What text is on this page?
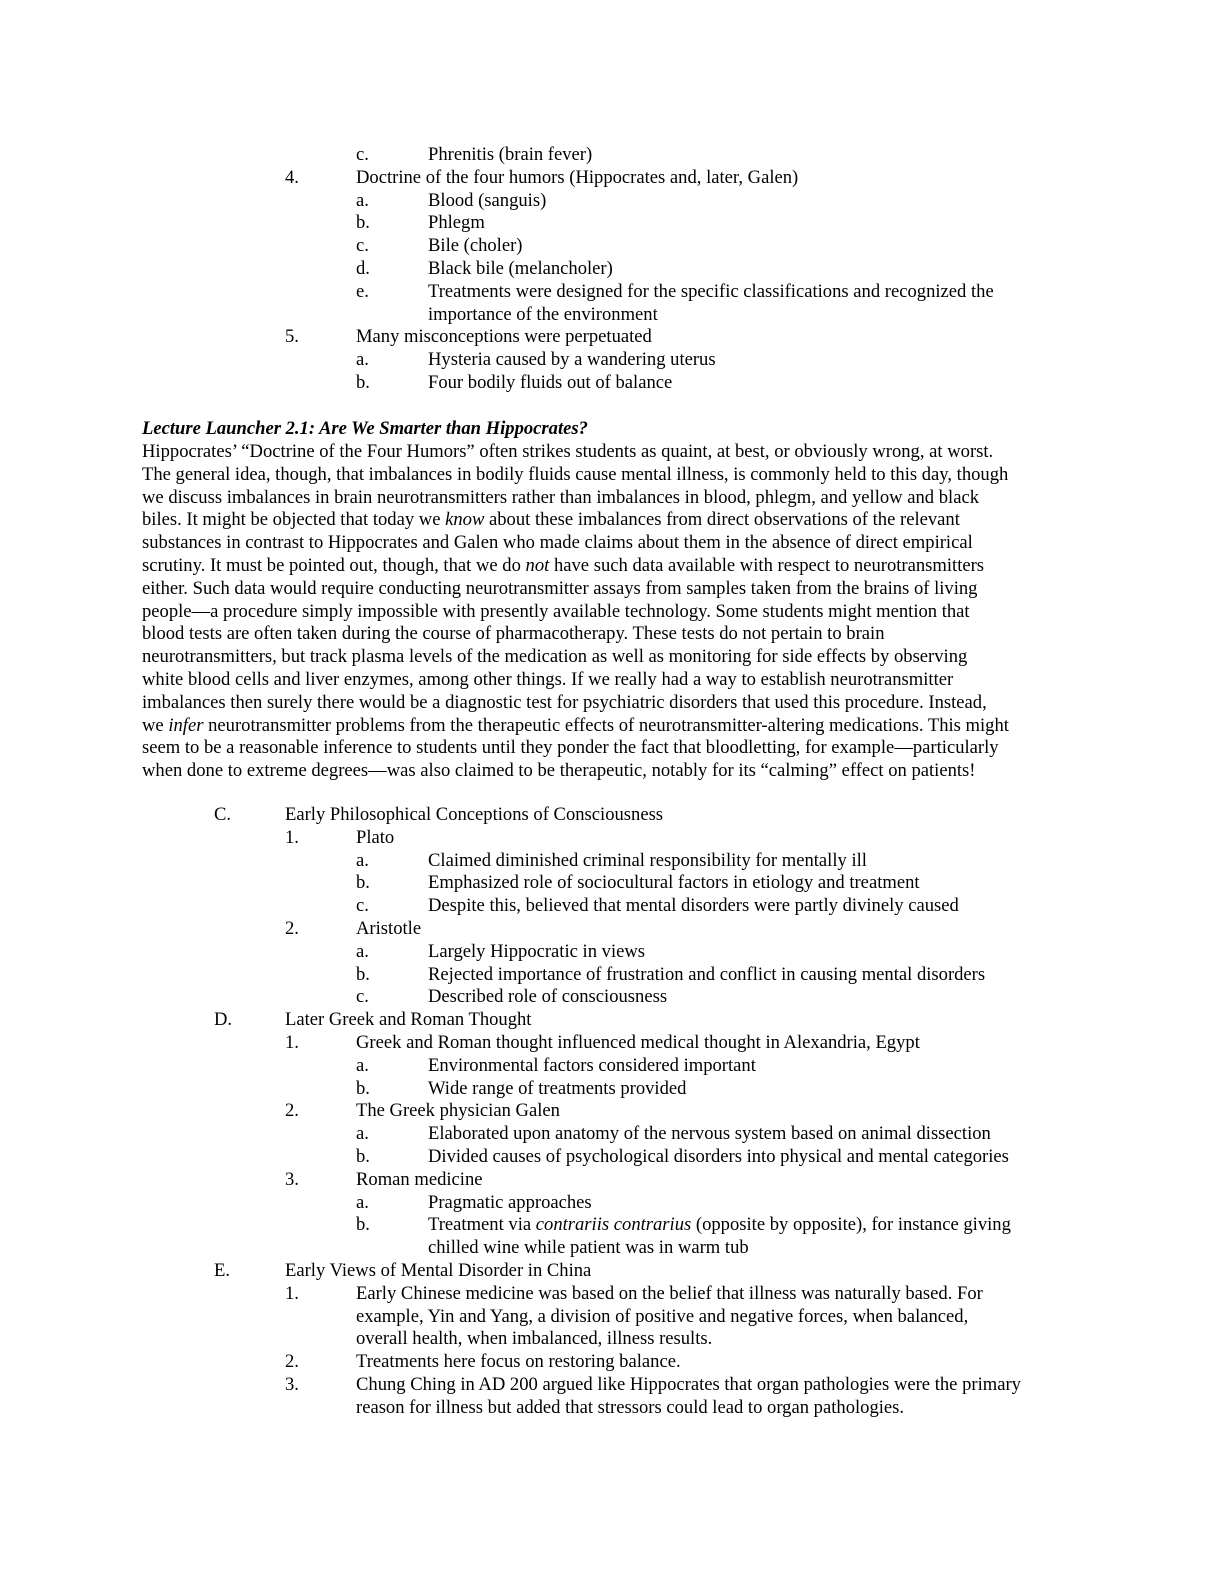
c.	Phrenitis (brain fever)
4.	Doctrine of the four humors (Hippocrates and, later, Galen)
a.	Blood (sanguis)
b.	Phlegm
c.	Bile (choler)
d.	Black bile (melancholer)
e.	Treatments were designed for the specific classifications and recognized the
importance of the environment
5.	Many misconceptions were perpetuated
a.	Hysteria caused by a wandering uterus
b.	Four bodily fluids out of balance
Lecture Launcher 2.1: Are We Smarter than Hippocrates?
Hippocrates’ “Doctrine of the Four Humors” often strikes students as quaint, at best, or obviously wrong, at worst.
The general idea, though, that imbalances in bodily fluids cause mental illness, is commonly held to this day, though
we discuss imbalances in brain neurotransmitters rather than imbalances in blood, phlegm, and yellow and black
biles. It might be objected that today we know about these imbalances from direct observations of the relevant
substances in contrast to Hippocrates and Galen who made claims about them in the absence of direct empirical
scrutiny. It must be pointed out, though, that we do not have such data available with respect to neurotransmitters
either. Such data would require conducting neurotransmitter assays from samples taken from the brains of living
people—a procedure simply impossible with presently available technology. Some students might mention that
blood tests are often taken during the course of pharmacotherapy. These tests do not pertain to brain
neurotransmitters, but track plasma levels of the medication as well as monitoring for side effects by observing
white blood cells and liver enzymes, among other things. If we really had a way to establish neurotransmitter
imbalances then surely there would be a diagnostic test for psychiatric disorders that used this procedure. Instead,
we infer neurotransmitter problems from the therapeutic effects of neurotransmitter-altering medications. This might
seem to be a reasonable inference to students until they ponder the fact that bloodletting, for example—particularly
when done to extreme degrees—was also claimed to be therapeutic, notably for its “calming” effect on patients!
C.	Early Philosophical Conceptions of Consciousness
1.	Plato
a.	Claimed diminished criminal responsibility for mentally ill
b.	Emphasized role of sociocultural factors in etiology and treatment
c.	Despite this, believed that mental disorders were partly divinely caused
2.	Aristotle
a.	Largely Hippocratic in views
b.	Rejected importance of frustration and conflict in causing mental disorders
c.	Described role of consciousness
D.	Later Greek and Roman Thought
1.	Greek and Roman thought influenced medical thought in Alexandria, Egypt
a.	Environmental factors considered important
b.	Wide range of treatments provided
2.	The Greek physician Galen
a.	Elaborated upon anatomy of the nervous system based on animal dissection
b.	Divided causes of psychological disorders into physical and mental categories
3.	Roman medicine
a.	Pragmatic approaches
b.	Treatment via contrariis contrarius (opposite by opposite), for instance giving
chilled wine while patient was in warm tub
E.	Early Views of Mental Disorder in China
1.	Early Chinese medicine was based on the belief that illness was naturally based. For
example, Yin and Yang, a division of positive and negative forces, when balanced,
overall health, when imbalanced, illness results.
2.	Treatments here focus on restoring balance.
3.	Chung Ching in AD 200 argued like Hippocrates that organ pathologies were the primary
reason for illness but added that stressors could lead to organ pathologies.
